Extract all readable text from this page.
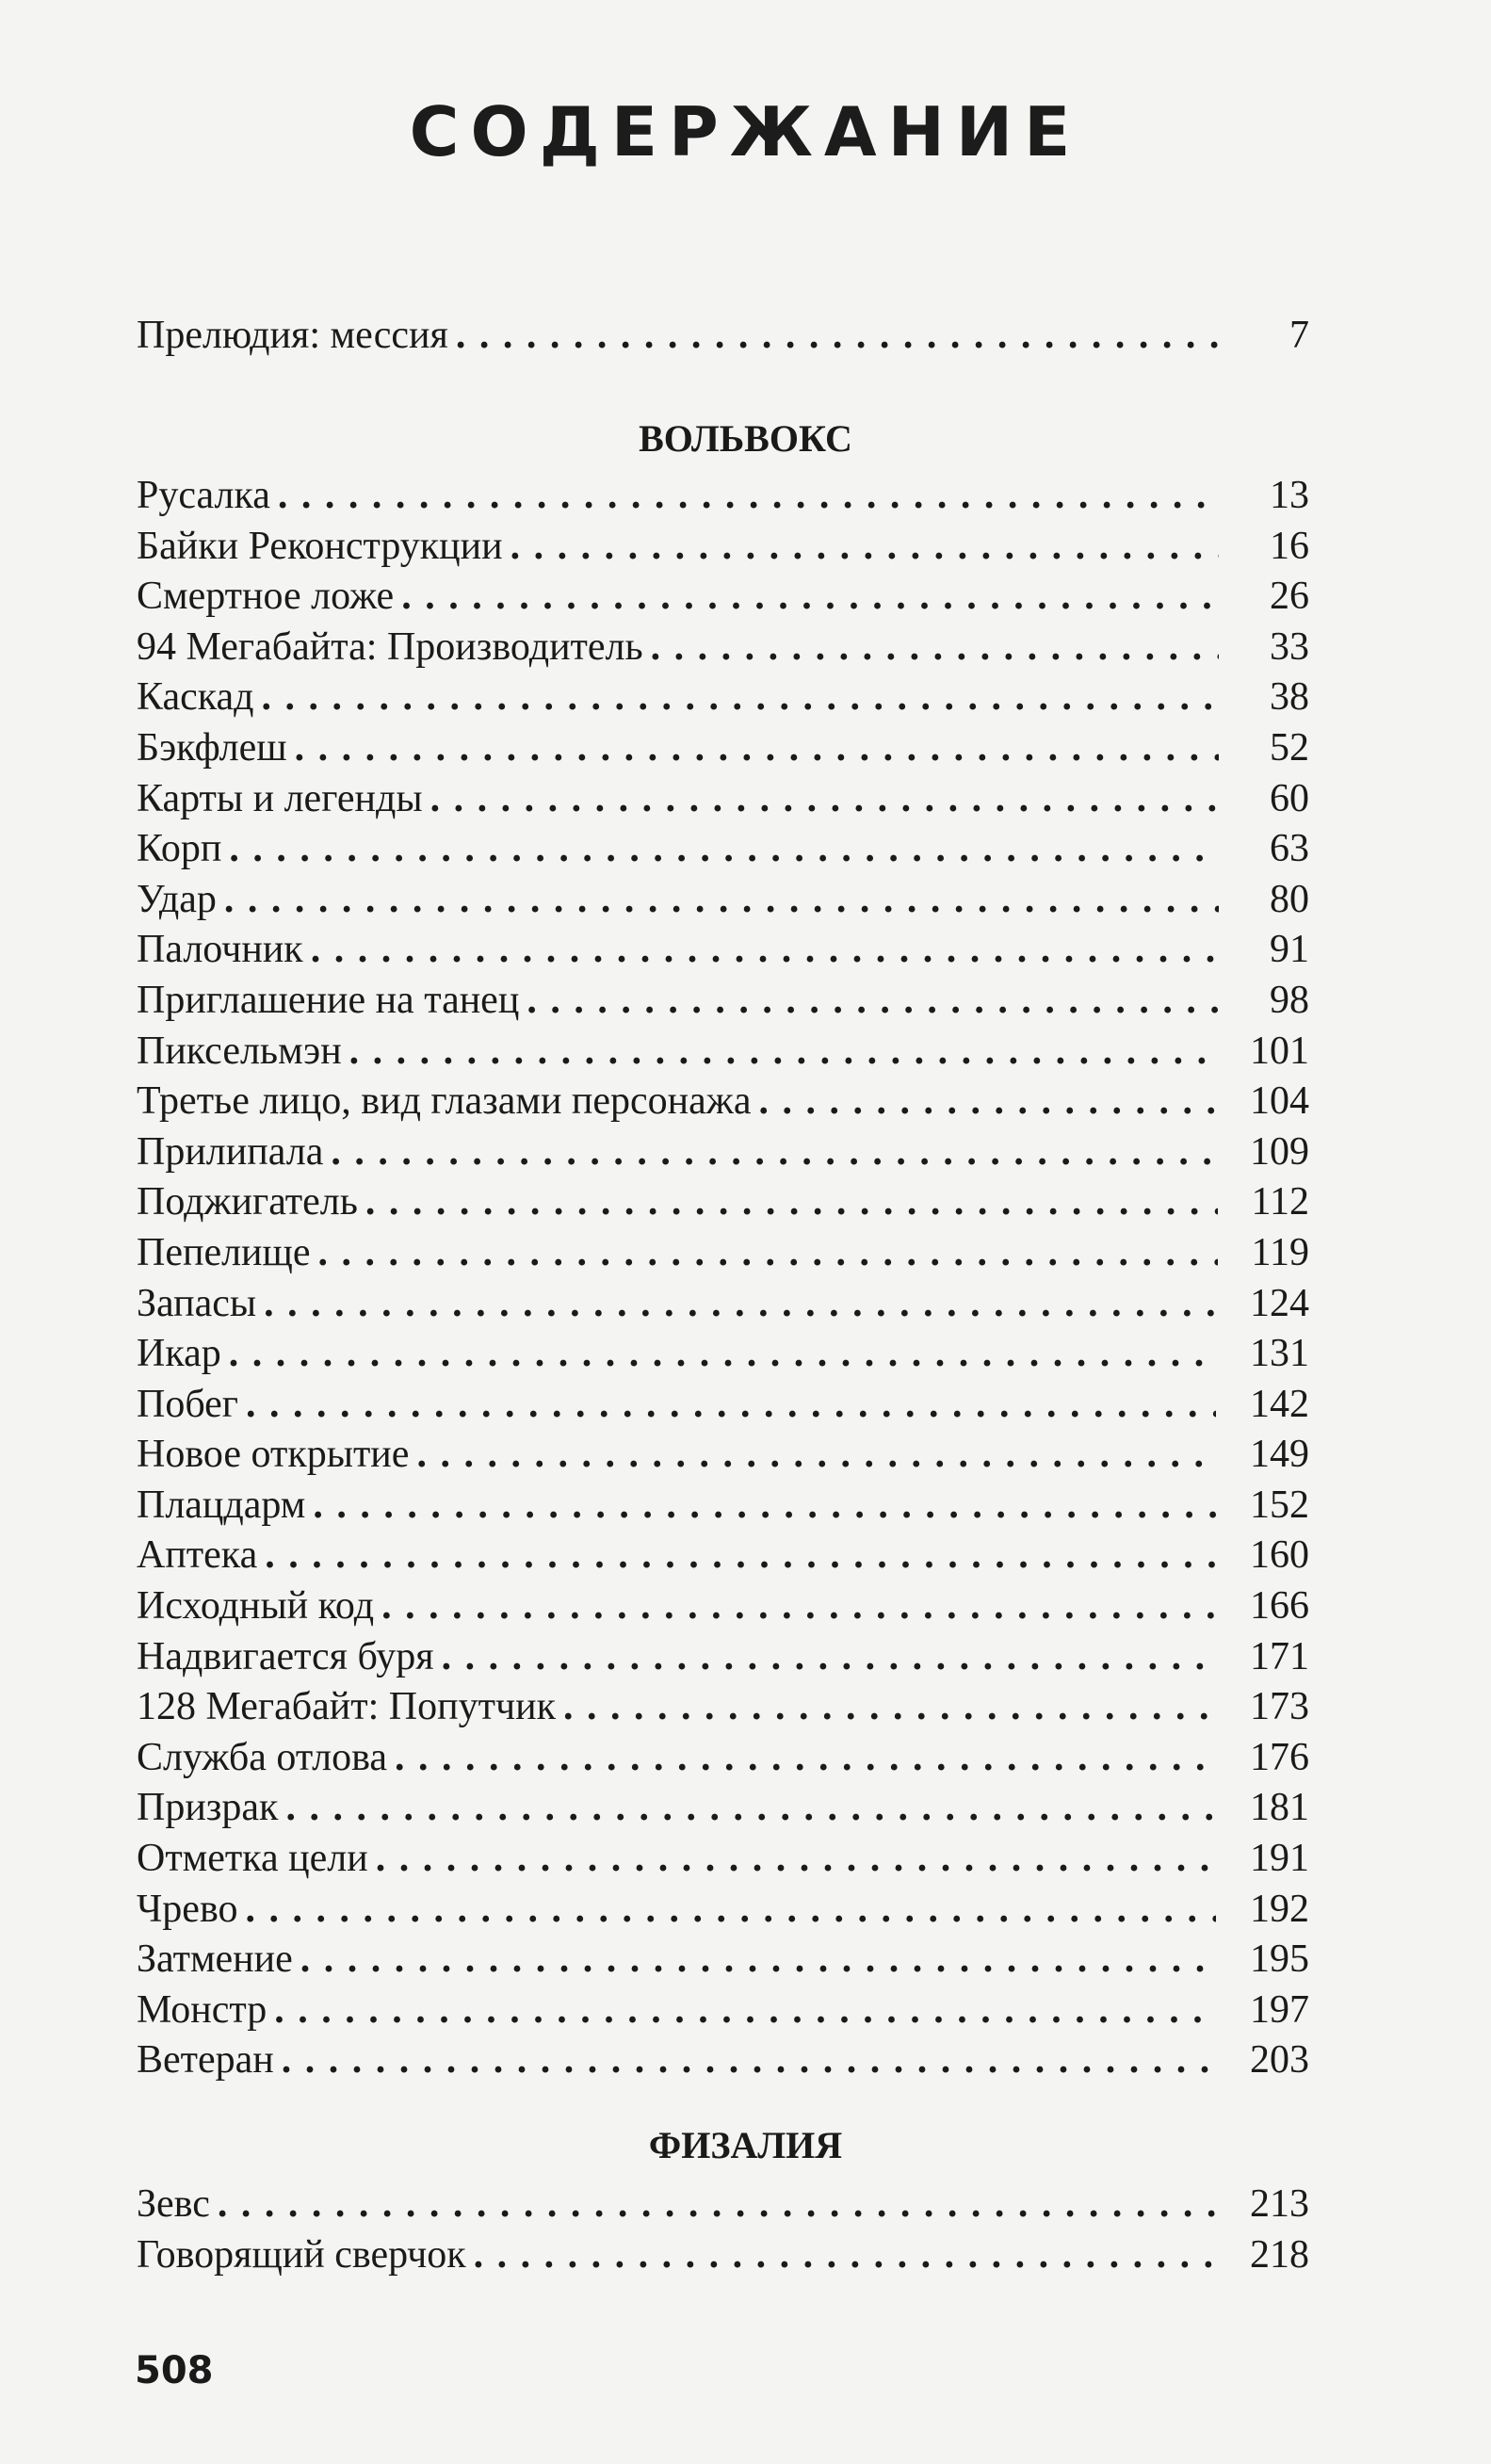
СОДЕРЖАНИЕ
Прелюдия: мессия . . .	7
ВОЛЬВОКС
Русалка . . .	13
Байки Реконструкции . . .	16
Смертное ложе . . .	26
94 Мегабайта: Производитель . . .	33
Каскад . . .	38
Бэкфлеш . . .	52
Карты и легенды . . .	60
Корп . . .	63
Удар . . .	80
Палочник . . .	91
Приглашение на танец . . .	98
Пиксельмэн . . .	101
Третье лицо, вид глазами персонажа . . .	104
Прилипала . . .	109
Поджигатель . . .	112
Пепелище . . .	119
Запасы . . .	124
Икар . . .	131
Побег . . .	142
Новое открытие . . .	149
Плацдарм . . .	152
Аптека . . .	160
Исходный код . . .	166
Надвигается буря . . .	171
128 Мегабайт: Попутчик . . .	173
Служба отлова . . .	176
Призрак . . .	181
Отметка цели . . .	191
Чрево . . .	192
Затмение . . .	195
Монстр . . .	197
Ветеран . . .	203
ФИЗАЛИЯ
Зевс . . .	213
Говорящий сверчок . . .	218
508
